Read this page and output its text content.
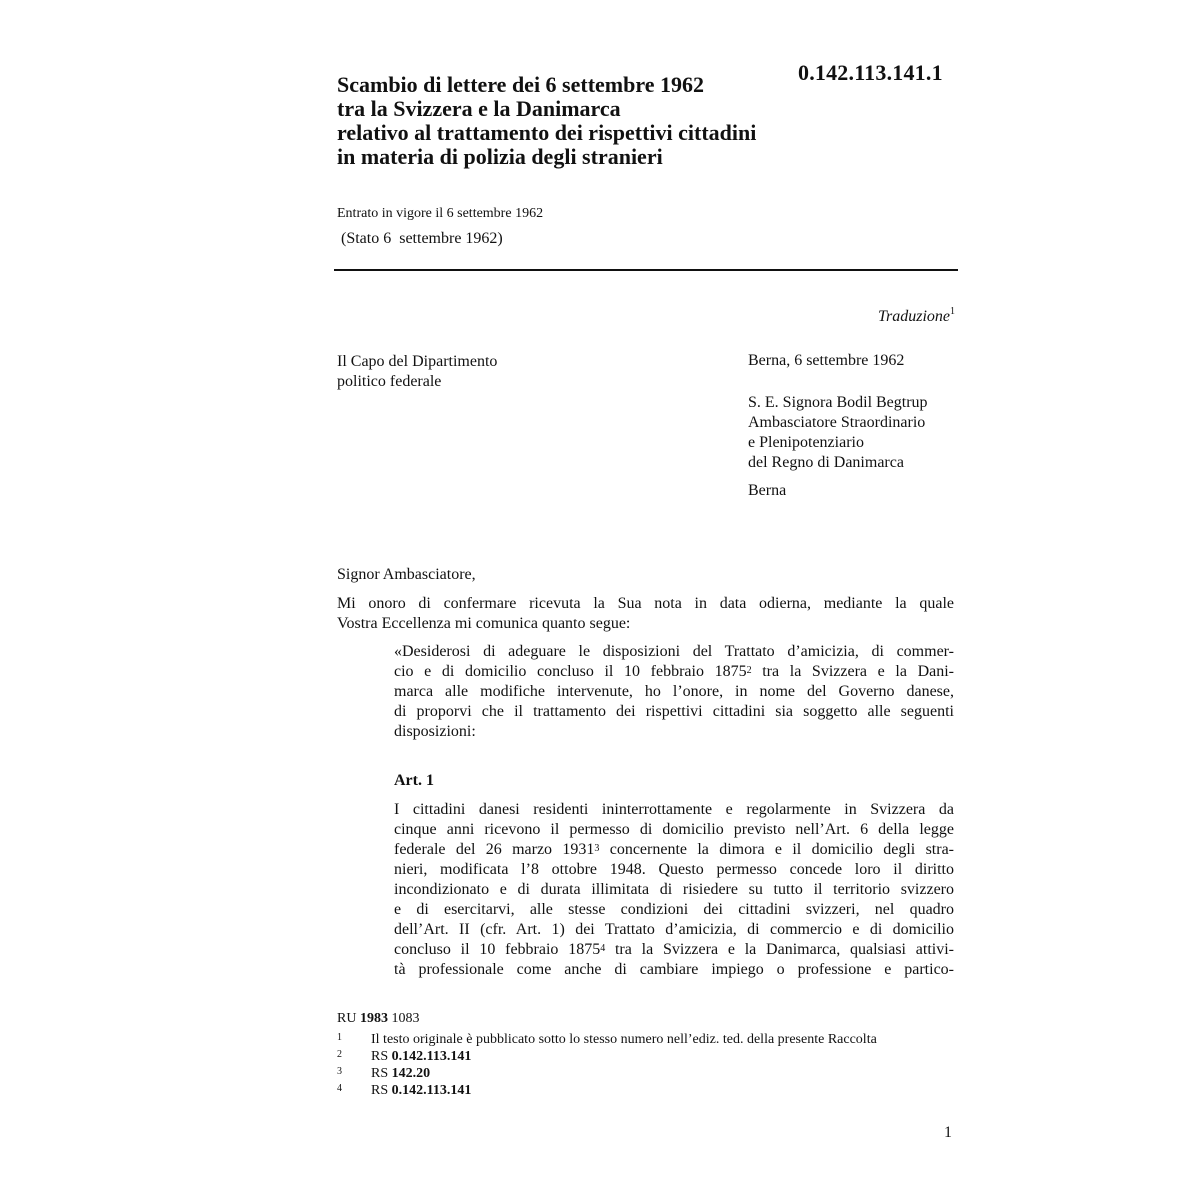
0.142.113.141.1
Scambio di lettere dei 6 settembre 1962
tra la Svizzera e la Danimarca
relativo al trattamento dei rispettivi cittadini
in materia di polizia degli stranieri
Entrato in vigore il 6 settembre 1962
(Stato 6  settembre 1962)
Traduzione$^1$
Il Capo del Dipartimento
politico federale
Berna, 6 settembre 1962
S. E. Signora Bodil Begtrup
Ambasciatore Straordinario
e Plenipotenziario
del Regno di Danimarca
Berna
Signor Ambasciatore,
Mi onoro di confermare ricevuta la Sua nota in data odierna, mediante la quale
Vostra Eccellenza mi comunica quanto segue:
«Desiderosi di adeguare le disposizioni del Trattato d’amicizia, di commer-
cio e di domicilio concluso il 10 febbraio 1875$^2$ tra la Svizzera e la Dani-
marca alle modifiche intervenute, ho l’onore, in nome del Governo danese,
di proporvi che il trattamento dei rispettivi cittadini sia soggetto alle seguenti
disposizioni:
Art. 1
I cittadini danesi residenti ininterrottamente e regolarmente in Svizzera da
cinque anni ricevono il permesso di domicilio previsto nell’Art. 6 della legge
federale del 26 marzo 1931$^3$ concernente la dimora e il domicilio degli stra-
nieri, modificata l’8 ottobre 1948. Questo permesso concede loro il diritto
incondizionato e di durata illimitata di risiedere su tutto il territorio svizzero
e di esercitarvi, alle stesse condizioni dei cittadini svizzeri, nel quadro
dell’Art. II (cfr. Art. 1) dei Trattato d’amicizia, di commercio e di domicilio
concluso il 10 febbraio 1875$^4$ tra la Svizzera e la Danimarca, qualsiasi attivi-
tà professionale come anche di cambiare impiego o professione e partico-
RU 1983 1083
1 Il testo originale è pubblicato sotto lo stesso numero nell’ediz. ted. della presente Raccolta
2 RS 0.142.113.141
3 RS 142.20
4 RS 0.142.113.141
1
